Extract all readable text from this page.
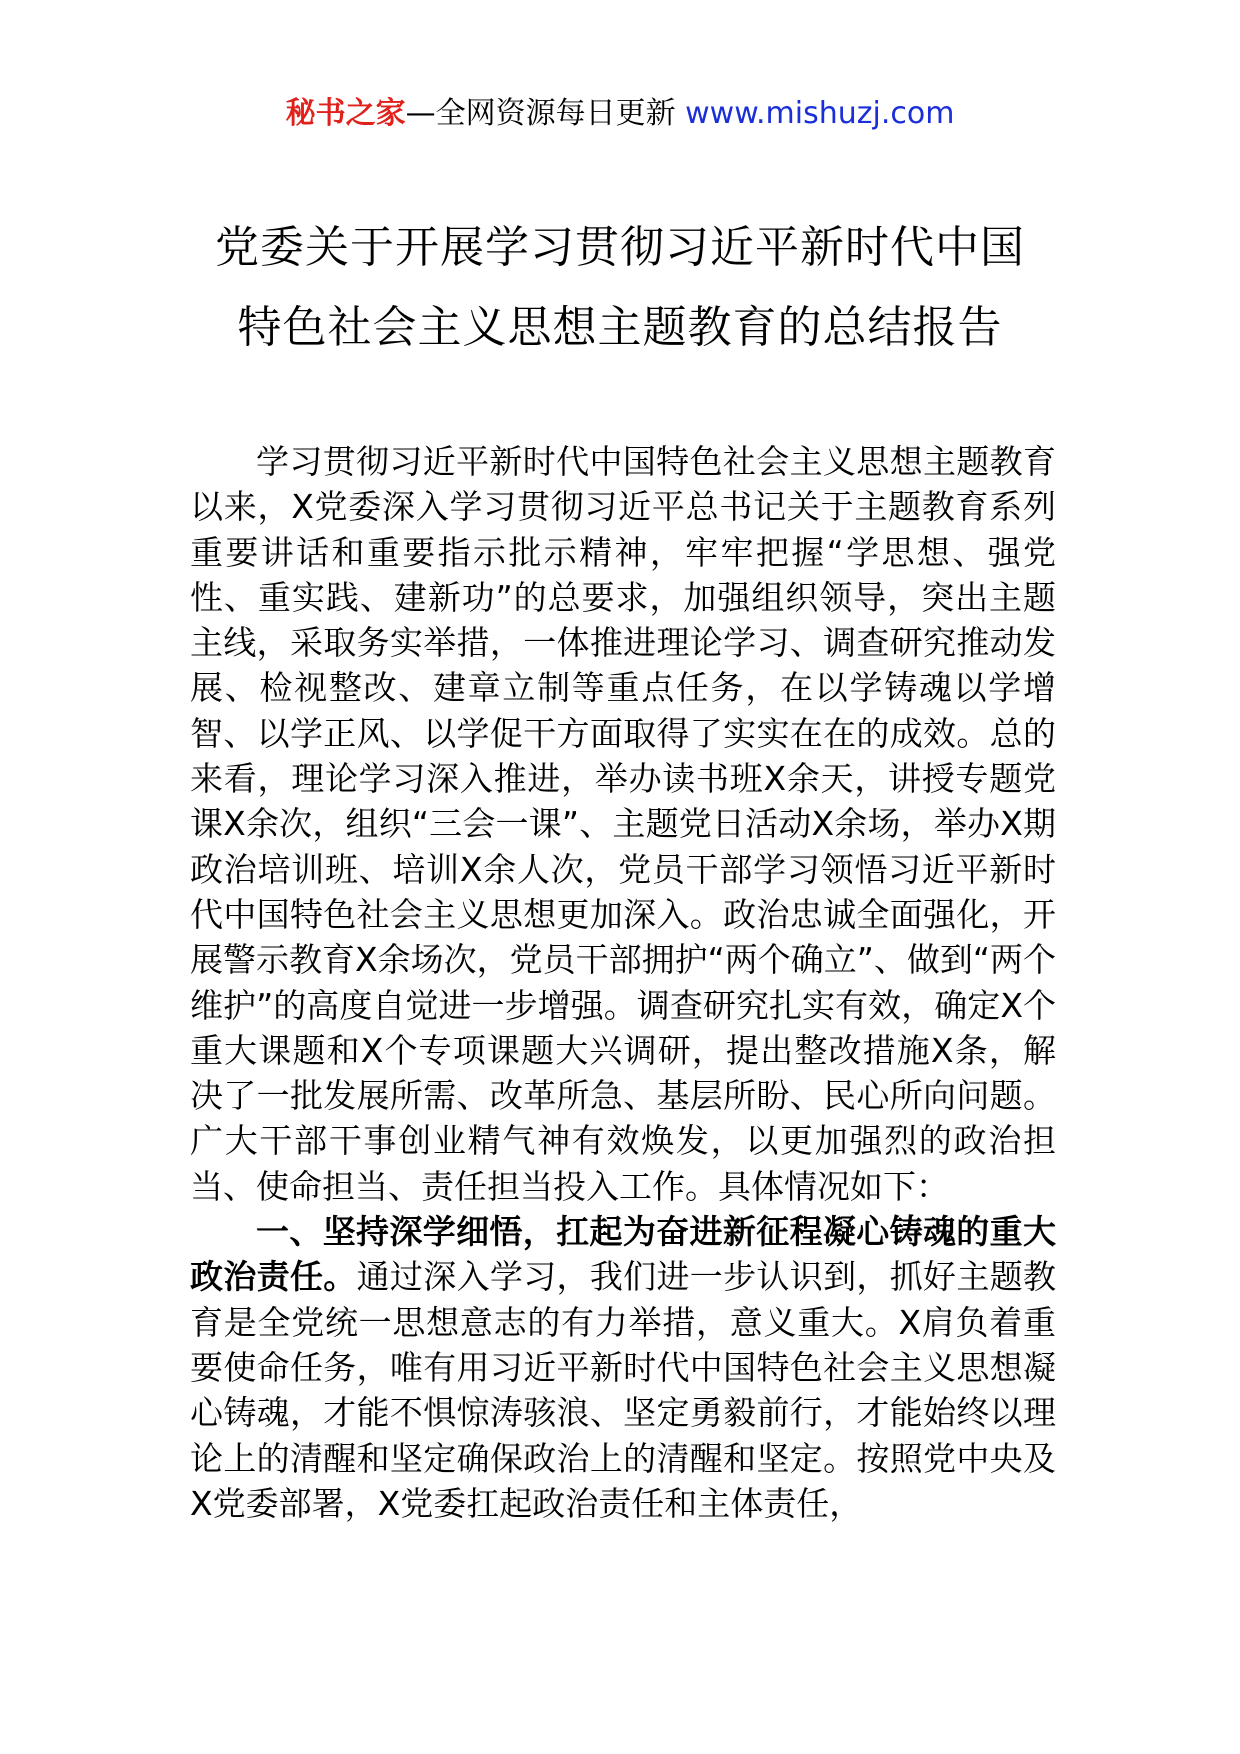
秘书之家—全网资源每日更新 www.mishuzj.com
党委关于开展学习贯彻习近平新时代中国
特色社会主义思想主题教育的总结报告

学习贯彻习近平新时代中国特色社会主义思想主题教育以来，X党委深入学习贯彻习近平总书记关于主题教育系列重要讲话和重要指示批示精神，牢牢把握“学思想、强党性、重实践、建新功”的总要求，加强组织领导，突出主题主线，采取务实举措，一体推进理论学习、调查研究推动发展、检视整改、建章立制等重点任务，在以学铸魂以学增智、以学正风、以学促干方面取得了实实在在的成效。总的来看，理论学习深入推进，举办读书班X余天，讲授专题党课X余次，组织“三会一课”、主题党日活动X余场，举办X期政治培训班、培训X余人次，党员干部学习领悟习近平新时代中国特色社会主义思想更加深入。政治忠诚全面强化，开展警示教育X余场次，党员干部拥护“两个确立”、做到“两个维护”的高度自觉进一步增强。调查研究扎实有效，确定X个重大课题和X个专项课题大兴调研，提出整改措施X条，解决了一批发展所需、改革所急、基层所盼、民心所向问题。广大干部干事创业精气神有效焕发，以更加强烈的政治担当、使命担当、责任担当投入工作。具体情况如下：

一、坚持深学细悟，扛起为奋进新征程凝心铸魂的重大政治责任。通过深入学习，我们进一步认识到，抓好主题教育是全党统一思想意志的有力举措，意义重大。X肩负着重要使命任务，唯有用习近平新时代中国特色社会主义思想凝心铸魂，才能不惧惊涛骇浪、坚定勇毅前行，才能始终以理论上的清醒和坚定确保政治上的清醒和坚定。按照党中央及X党委部署，X党委扛起政治责任和主体责任，
